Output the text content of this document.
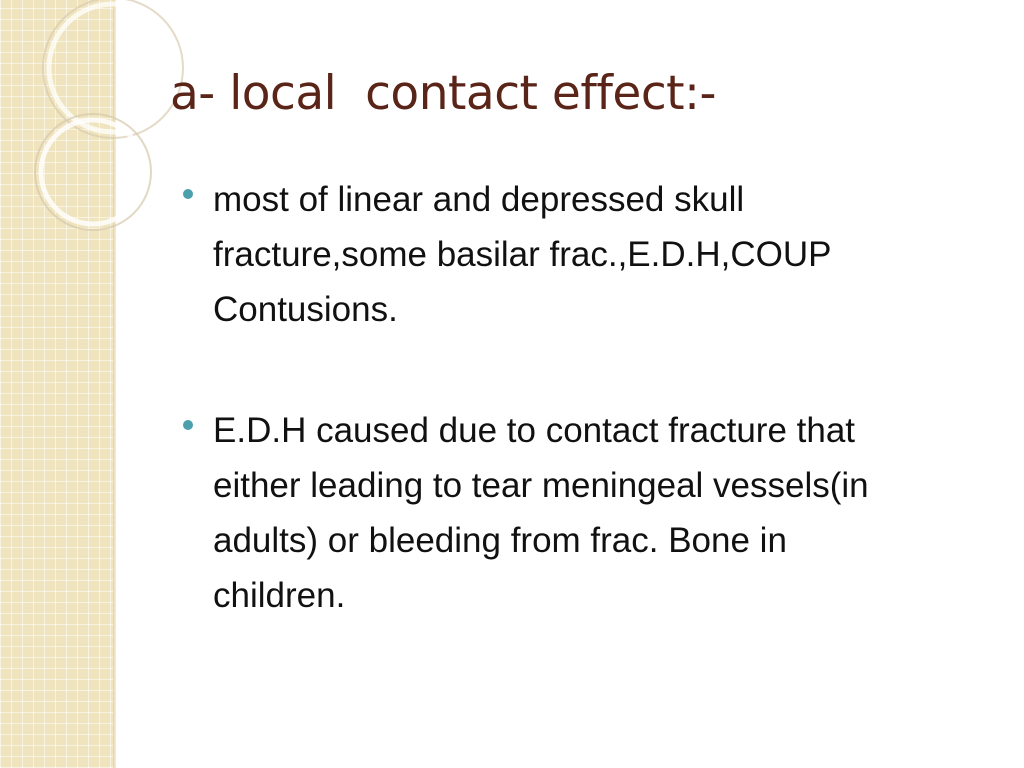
a- local  contact effect:-
most of linear and depressed skull
fracture,some basilar frac.,E.D.H,COUP
Contusions.
E.D.H caused due to contact fracture that
either leading to tear meningeal vessels(in
adults) or bleeding from frac. Bone in
children.
